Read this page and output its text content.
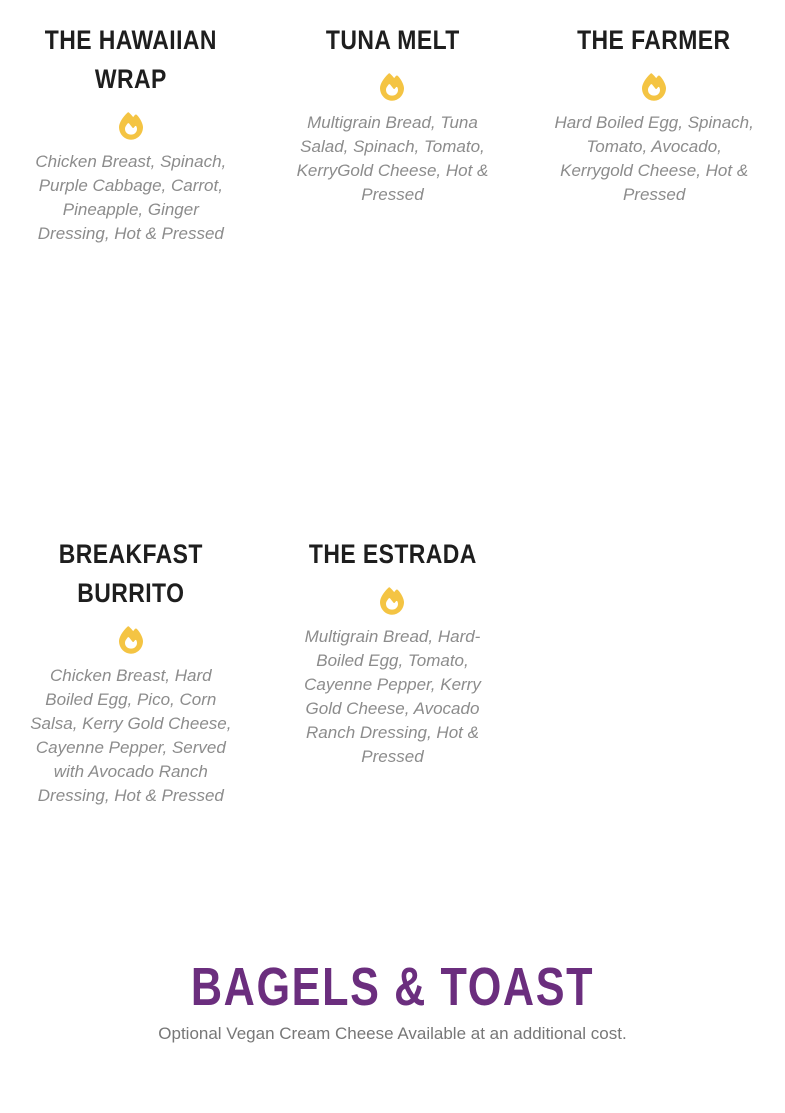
THE HAWAIIAN WRAP

Chicken Breast, Spinach, Purple Cabbage, Carrot, Pineapple, Ginger Dressing, Hot & Pressed

TUNA MELT

Multigrain Bread, Tuna Salad, Spinach, Tomato, KerryGold Cheese, Hot & Pressed

THE FARMER

Hard Boiled Egg, Spinach, Tomato, Avocado, Kerrygold Cheese, Hot & Pressed

BREAKFAST BURRITO

Chicken Breast, Hard Boiled Egg, Pico, Corn Salsa, Kerry Gold Cheese, Cayenne Pepper, Served with Avocado Ranch Dressing, Hot & Pressed

THE ESTRADA

Multigrain Bread, Hard-Boiled Egg, Tomato, Cayenne Pepper, Kerry Gold Cheese, Avocado Ranch Dressing, Hot & Pressed

BAGELS & TOAST

Optional Vegan Cream Cheese Available at an additional cost.
